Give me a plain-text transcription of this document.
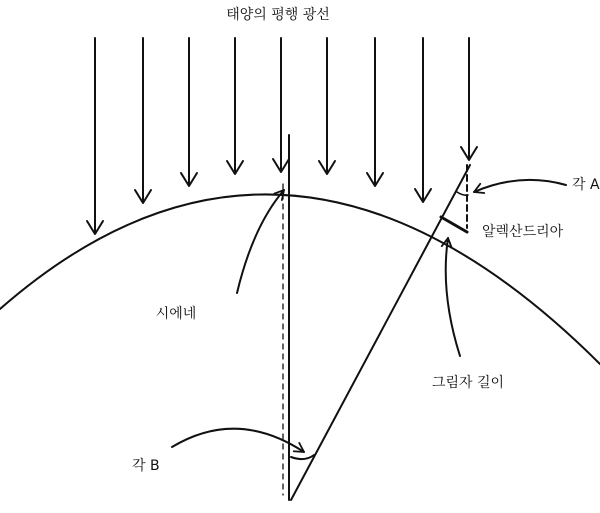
태양의 평행 광선
시에네
알렉산드리아
각 A
그림자 길이
각 B
